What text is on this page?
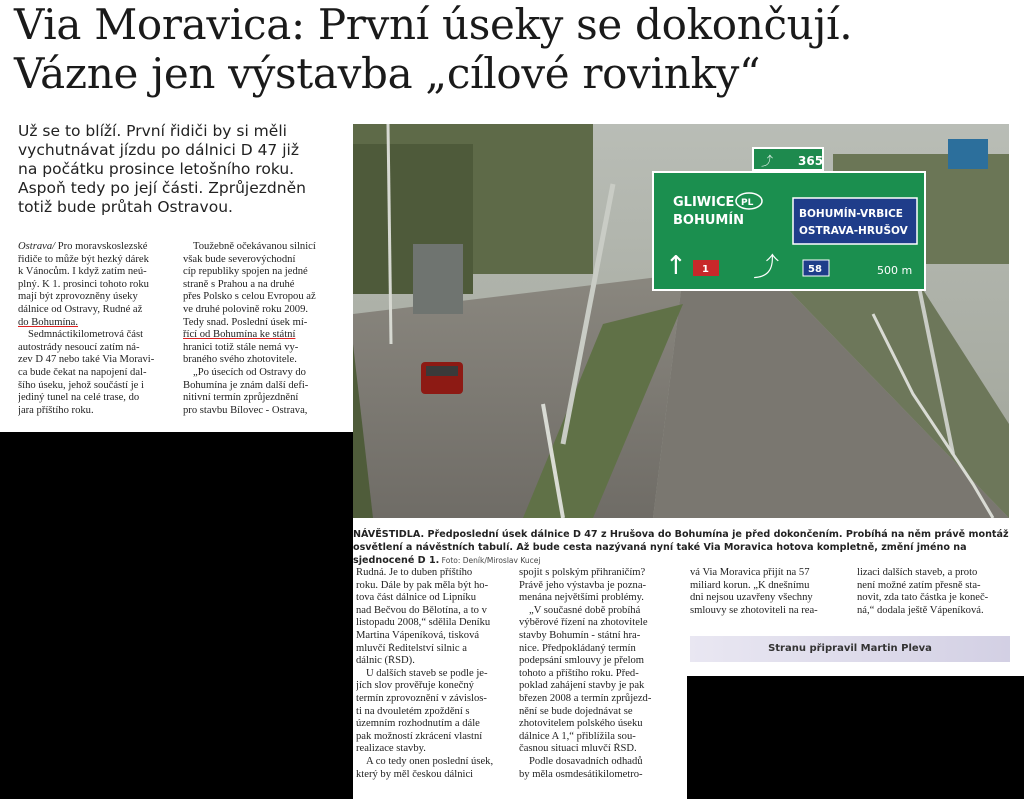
Via Moravica: První úseky se dokončují.
Vázne jen výstavba „cílové rovinky“
Už se to blíží. První řidiči by si měli
vychutnávat jízdu po dálnici D 47 již
na počátku prosince letošního roku.
Aspoň tedy po její části. Zprůjezdněn
totiž bude průtah Ostravou.
Ostrava/ Pro moravskoslezské
řidiče to může být hezký dárek
k Vánocům. I když zatím neú-
plný. K 1. prosinci tohoto roku
mají být zprovozněny úseky
dálnice od Ostravy, Rudné až
do Bohumína.
Sedmnáctikilometrová část
autostrády nesoucí zatím ná-
zev D 47 nebo také Via Moravi-
ca bude čekat na napojení dal-
šího úseku, jehož součástí je i
jediný tunel na celé trase, do
jara příštího roku.
Toužebně očekávanou silnicí
však bude severovýchodní
cíp republiky spojen na jedné
straně s Prahou a na druhé
přes Polsko s celou Evropou až
ve druhé polovině roku 2009.
Tedy snad. Poslední úsek mí-
řící od Bohumína ke státní
hranici totiž stále nemá vy-
braného svého zhotovitele.
„Po úsecích od Ostravy do
Bohumína je znám další defi-
nitivní termín zprůjezdnění
pro stavbu Bílovec - Ostrava,
365
⤴
GLIWICE PL
BOHUMÍN	BOHUMÍN-VRBICE
OSTRAVA-HRUŠOV
↑	⤴
1	58	500 m
NÁVĚSTIDLA. Předposlední úsek dálnice D 47 z Hrušova do Bohumína je před dokončením. Probíhá na něm právě montáž osvětlení a návěstních tabulí. Až bude cesta nazývaná nyní také Via Moravica hotova kompletně, změní jméno na sjednocené D 1. Foto: Deník/Miroslav Kucej
Rudná. Je to duben příštího
roku. Dále by pak měla být ho-
tova část dálnice od Lipníku
nad Bečvou do Bělotína, a to v
listopadu 2008,“ sdělila Deníku
Martina Vápeníková, tisková
mluvčí Ředitelství silnic a
dálnic (ŘSD).
U dalších staveb se podle je-
jích slov prověřuje konečný
termín zprovoznění v závislos-
ti na dvouletém zpoždění s
územním rozhodnutím a dále
pak možností zkrácení vlastní
realizace stavby.
A co tedy onen poslední úsek,
který by měl českou dálnici
spojit s polským přihraničím?
Právě jeho výstavba je pozna-
menána největšími problémy.
„V současné době probíhá
výběrové řízení na zhotovitele
stavby Bohumín - státní hra-
nice. Předpokládaný termín
podepsání smlouvy je přelom
tohoto a příštího roku. Před-
poklad zahájení stavby je pak
březen 2008 a termín zprůjezd-
nění se bude dojednávat se
zhotovitelem polského úseku
dálnice A 1,“ přiblížila sou-
časnou situaci mluvčí ŘSD.
Podle dosavadních odhadů
by měla osmdesátikilometro-
vá Via Moravica přijít na 57
miliard korun. „K dnešnímu
dni nejsou uzavřeny všechny
smlouvy se zhotoviteli na rea-
lizaci dalších staveb, a proto
není možné zatím přesně sta-
novit, zda tato částka je koneč-
ná,“ dodala ještě Vápeníková.
Stranu připravil Martin Pleva
